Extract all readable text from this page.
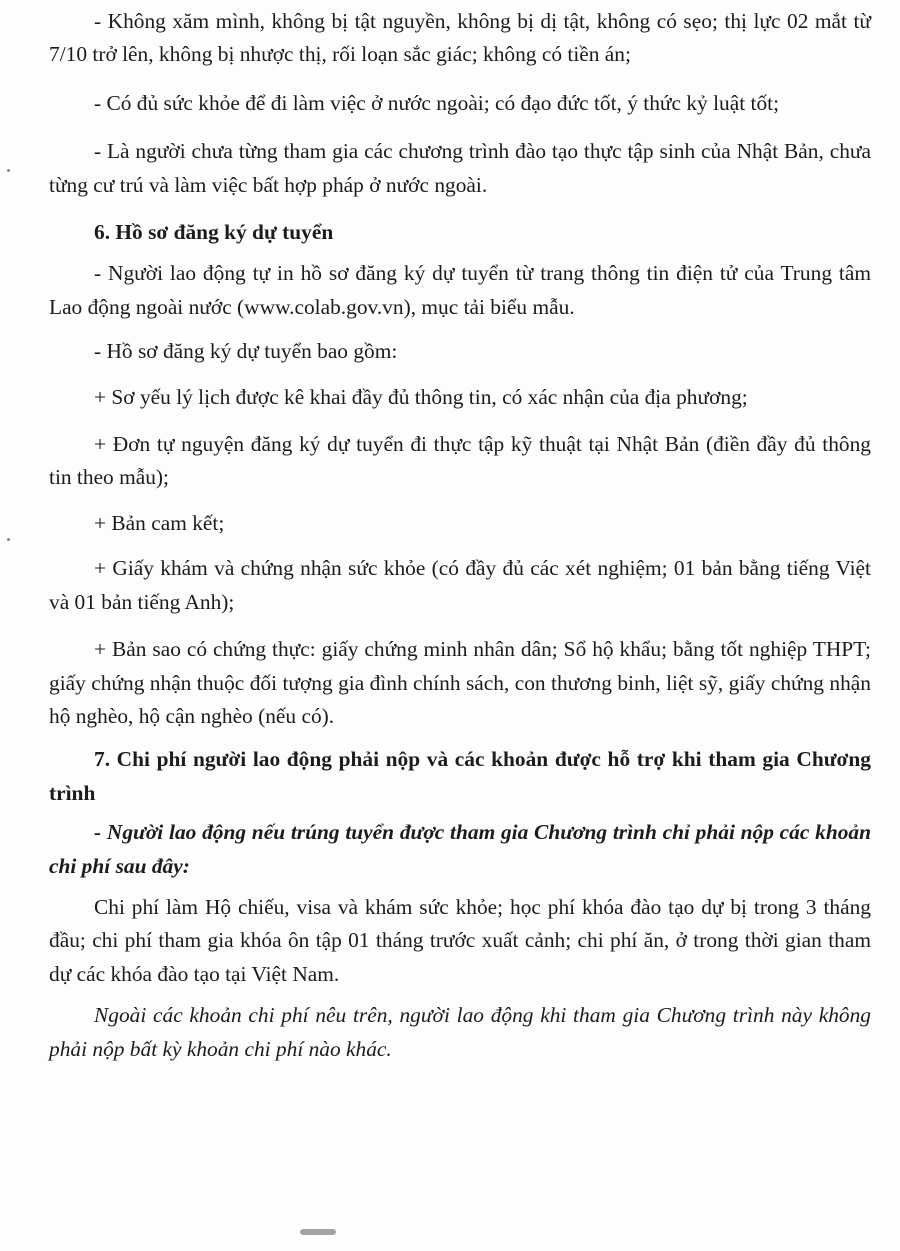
- Không xăm mình, không bị tật nguyền, không bị dị tật, không có sẹo; thị lực 02 mắt từ 7/10 trở lên, không bị nhược thị, rối loạn sắc giác; không có tiền án;

- Có đủ sức khỏe để đi làm việc ở nước ngoài; có đạo đức tốt, ý thức kỷ luật tốt;

- Là người chưa từng tham gia các chương trình đào tạo thực tập sinh của Nhật Bản, chưa từng cư trú và làm việc bất hợp pháp ở nước ngoài.

6. Hồ sơ đăng ký dự tuyển

- Người lao động tự in hồ sơ đăng ký dự tuyển từ trang thông tin điện tử của Trung tâm Lao động ngoài nước (www.colab.gov.vn), mục tải biểu mẫu.

- Hồ sơ đăng ký dự tuyển bao gồm:

+ Sơ yếu lý lịch được kê khai đầy đủ thông tin, có xác nhận của địa phương;

+ Đơn tự nguyện đăng ký dự tuyển đi thực tập kỹ thuật tại Nhật Bản (điền đầy đủ thông tin theo mẫu);

+ Bản cam kết;

+ Giấy khám và chứng nhận sức khỏe (có đầy đủ các xét nghiệm; 01 bản bằng tiếng Việt và 01 bản tiếng Anh);

+ Bản sao có chứng thực: giấy chứng minh nhân dân; Sổ hộ khẩu; bằng tốt nghiệp THPT; giấy chứng nhận thuộc đối tượng gia đình chính sách, con thương binh, liệt sỹ, giấy chứng nhận hộ nghèo, hộ cận nghèo (nếu có).

7. Chi phí người lao động phải nộp và các khoản được hỗ trợ khi tham gia Chương trình

- Người lao động nếu trúng tuyển được tham gia Chương trình chỉ phải nộp các khoản chi phí sau đây:

Chi phí làm Hộ chiếu, visa và khám sức khỏe; học phí khóa đào tạo dự bị trong 3 tháng đầu; chi phí tham gia khóa ôn tập 01 tháng trước xuất cảnh; chi phí ăn, ở trong thời gian tham dự các khóa đào tạo tại Việt Nam.

Ngoài các khoản chi phí nêu trên, người lao động khi tham gia Chương trình này không phải nộp bất kỳ khoản chi phí nào khác.
